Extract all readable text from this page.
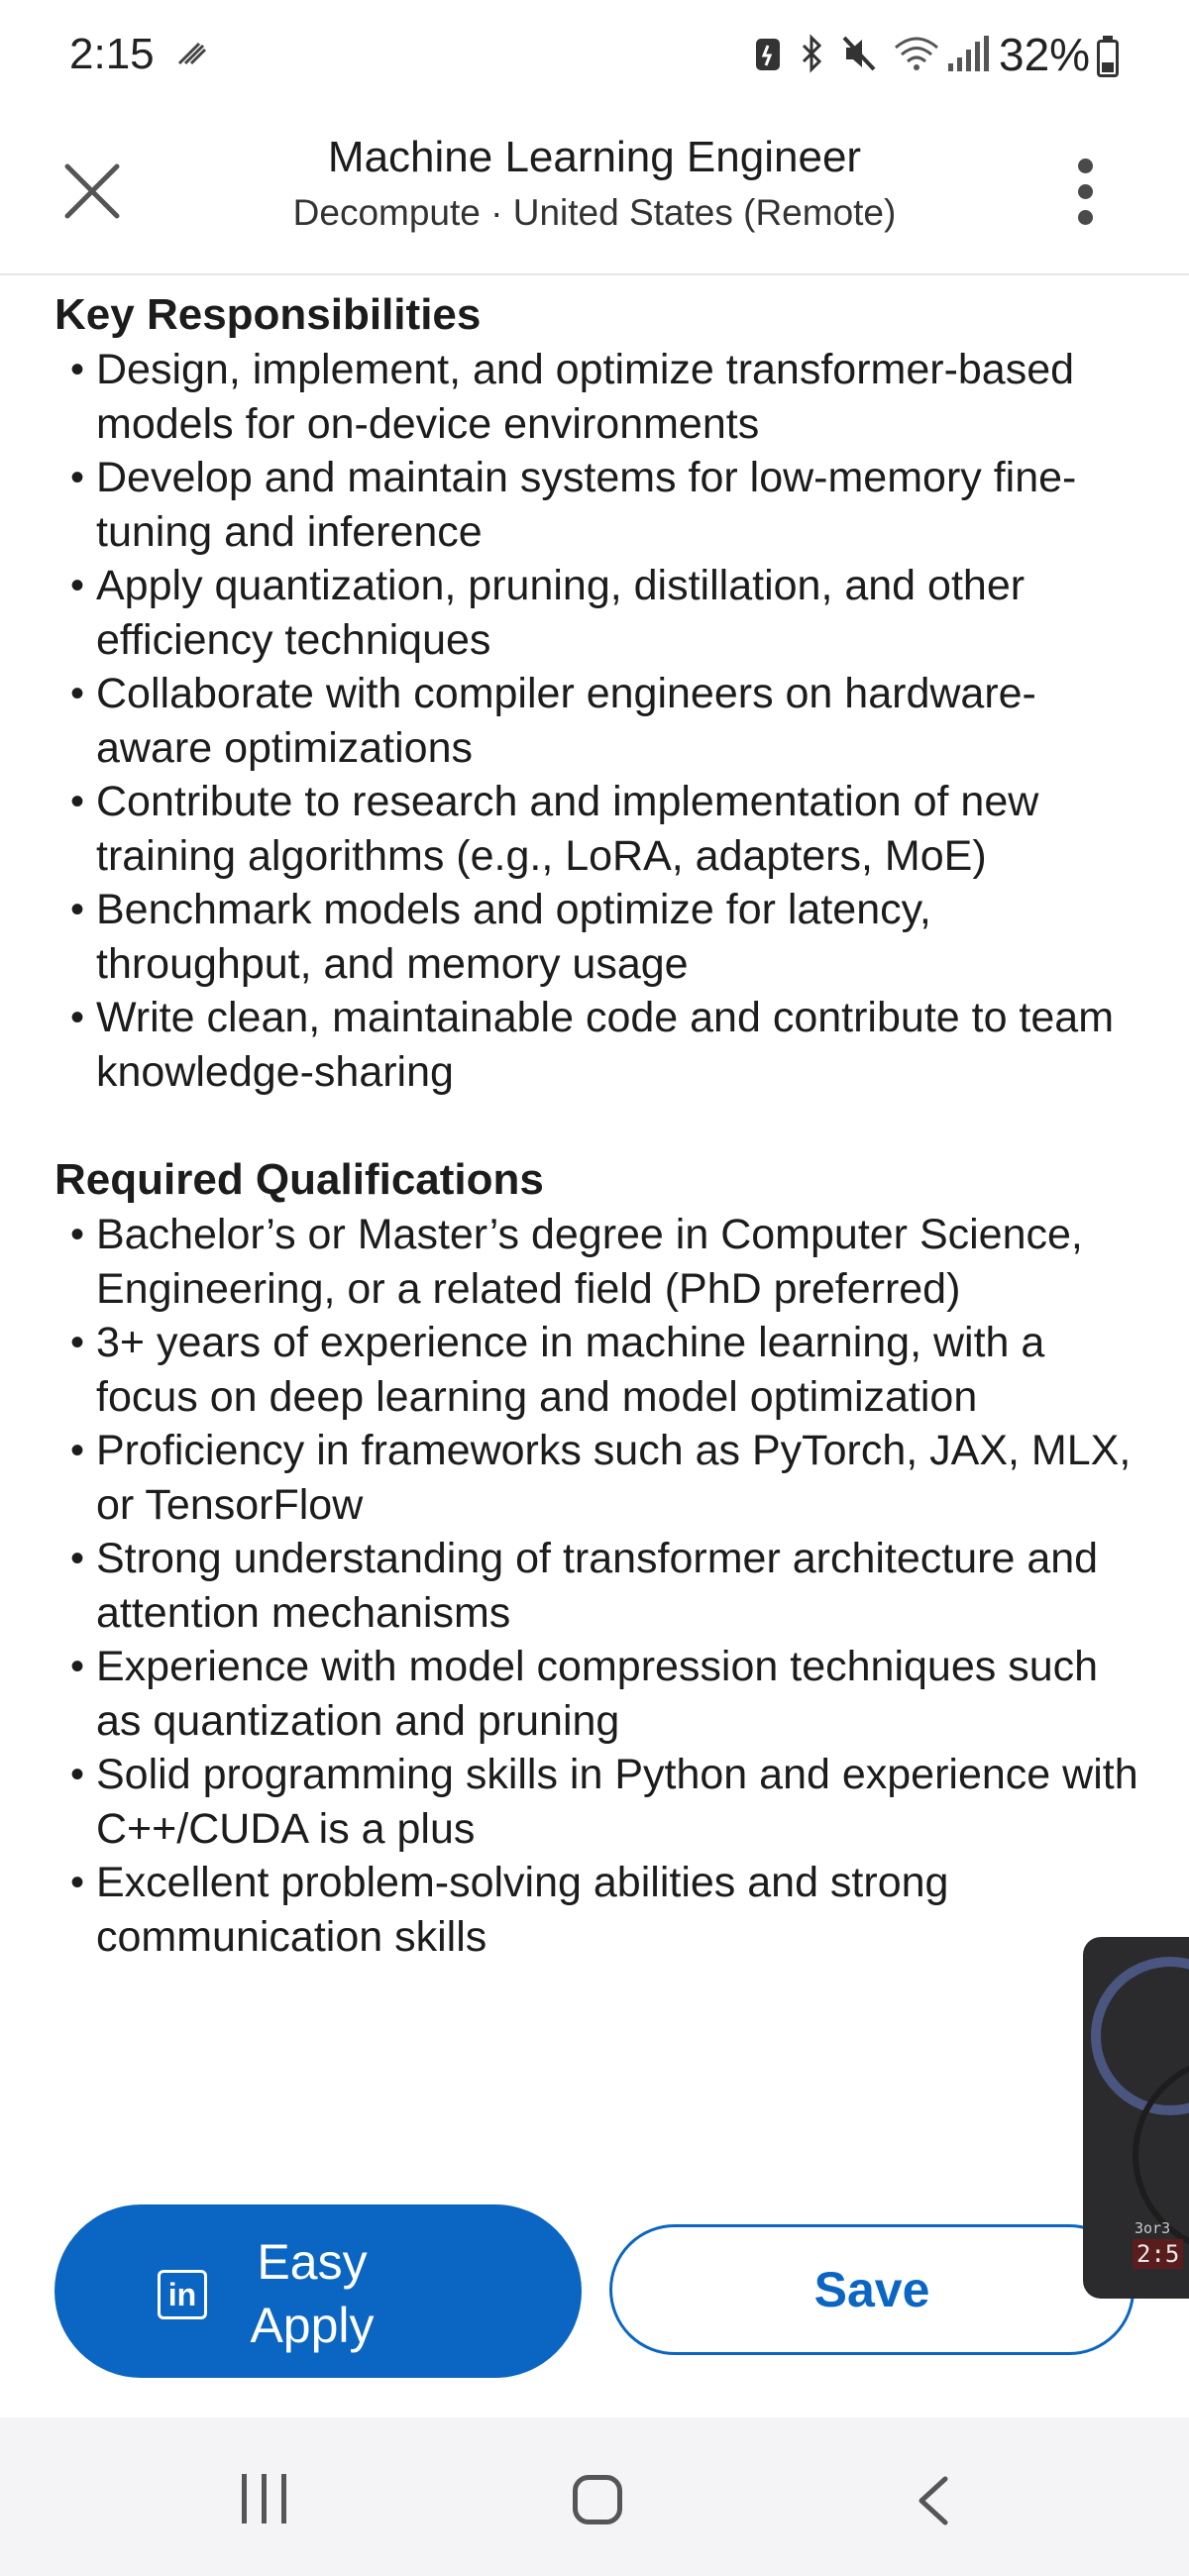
2:15	32%
Machine Learning Engineer
Decompute · United States (Remote)
Key Responsibilities
• Design, implement, and optimize transformer-based models for on-device environments
• Develop and maintain systems for low-memory fine-tuning and inference
• Apply quantization, pruning, distillation, and other efficiency techniques
• Collaborate with compiler engineers on hardware-aware optimizations
• Contribute to research and implementation of new training algorithms (e.g., LoRA, adapters, MoE)
• Benchmark models and optimize for latency, throughput, and memory usage
• Write clean, maintainable code and contribute to team knowledge-sharing
Required Qualifications
• Bachelor’s or Master’s degree in Computer Science, Engineering, or a related field (PhD preferred)
• 3+ years of experience in machine learning, with a focus on deep learning and model optimization
• Proficiency in frameworks such as PyTorch, JAX, MLX, or TensorFlow
• Strong understanding of transformer architecture and attention mechanisms
• Experience with model compression techniques such as quantization and pruning
• Solid programming skills in Python and experience with C++/CUDA is a plus
• Excellent problem-solving abilities and strong communication skills
in
Easy
Apply
Save
3or3
2:5
